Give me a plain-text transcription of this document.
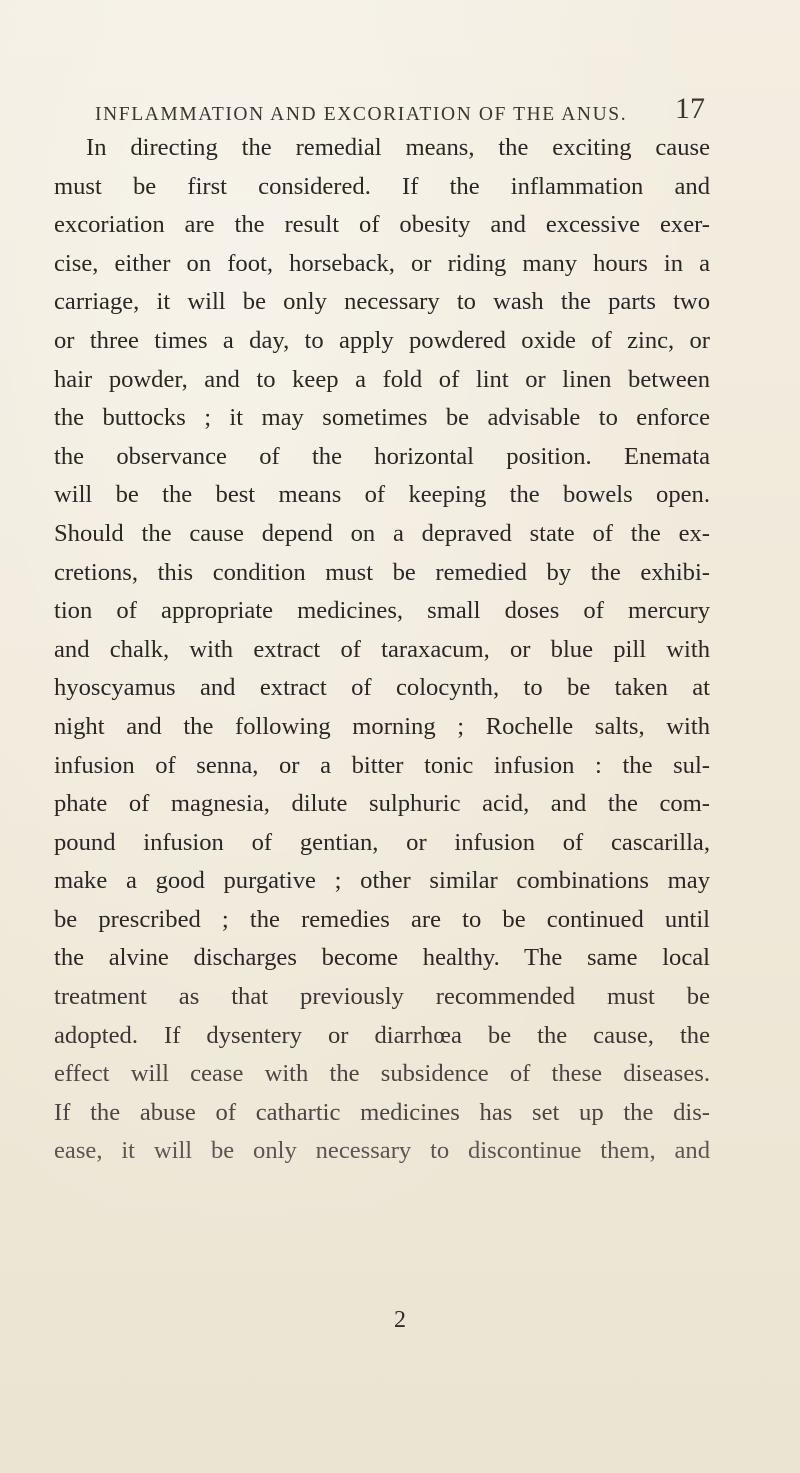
INFLAMMATION AND EXCORIATION OF THE ANUS. 17
In directing the remedial means, the exciting cause
must be first considered. If the inflammation and
excoriation are the result of obesity and excessive exer-
cise, either on foot, horseback, or riding many hours in a
carriage, it will be only necessary to wash the parts two
or three times a day, to apply powdered oxide of zinc, or
hair powder, and to keep a fold of lint or linen between
the buttocks ; it may sometimes be advisable to enforce
the observance of the horizontal position. Enemata
will be the best means of keeping the bowels open.
Should the cause depend on a depraved state of the ex-
cretions, this condition must be remedied by the exhibi-
tion of appropriate medicines, small doses of mercury
and chalk, with extract of taraxacum, or blue pill with
hyoscyamus and extract of colocynth, to be taken at
night and the following morning ; Rochelle salts, with
infusion of senna, or a bitter tonic infusion : the sul-
phate of magnesia, dilute sulphuric acid, and the com-
pound infusion of gentian, or infusion of cascarilla,
make a good purgative ; other similar combinations may
be prescribed ; the remedies are to be continued until
the alvine discharges become healthy. The same local
treatment as that previously recommended must be
adopted. If dysentery or diarrhœa be the cause, the
effect will cease with the subsidence of these diseases.
If the abuse of cathartic medicines has set up the dis-
ease, it will be only necessary to discontinue them, and
2
